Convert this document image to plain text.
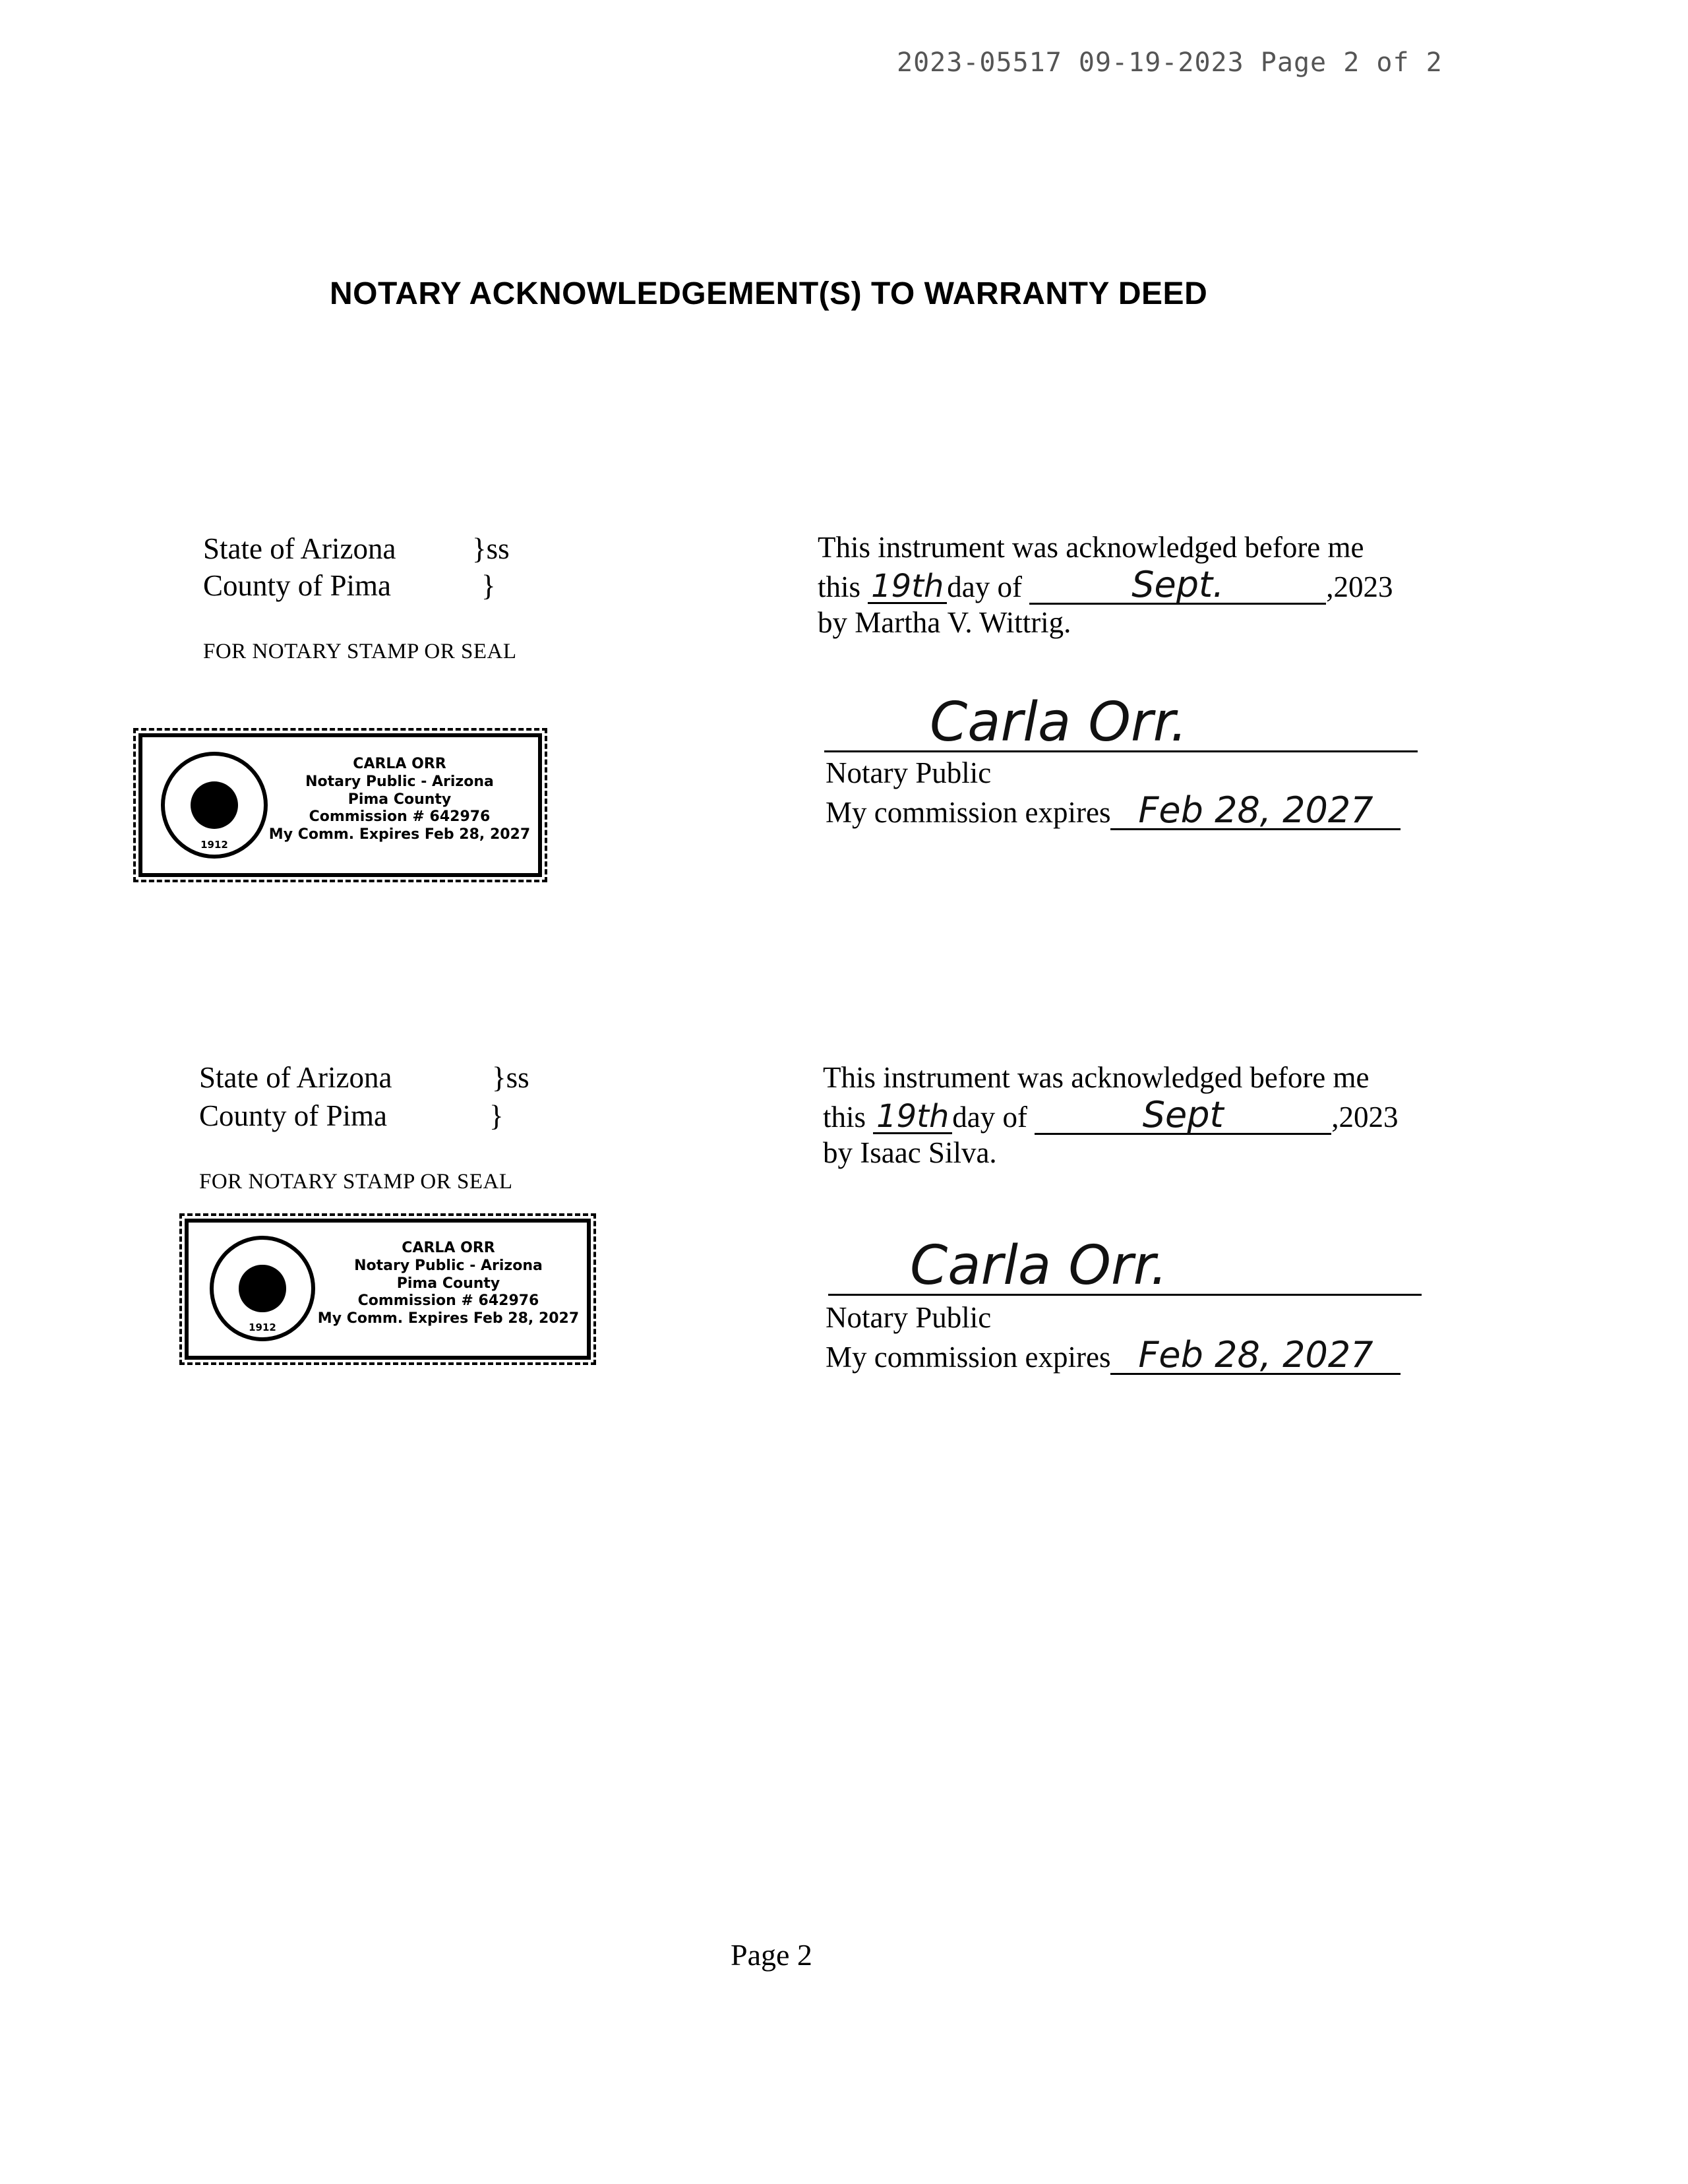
2023-05517 09-19-2023 Page 2 of 2
NOTARY ACKNOWLEDGEMENT(S) TO WARRANTY DEED
State of Arizona	}ss
County of Pima	}
FOR NOTARY STAMP OR SEAL
1912
CARLA ORR
Notary Public - Arizona
Pima County
Commission # 642976
My Comm. Expires Feb 28, 2027
This instrument was acknowledged before me
this 19th day of	Sept.	,2023
by Martha V. Wittrig.
Carla Orr.
Notary Public
My commission expires Feb 28, 2027
State of Arizona	}ss
County of Pima	}
FOR NOTARY STAMP OR SEAL
1912
CARLA ORR
Notary Public - Arizona
Pima County
Commission # 642976
My Comm. Expires Feb 28, 2027
This instrument was acknowledged before me
this 19th day of	Sept	,2023
by Isaac Silva.
Carla Orr.
Notary Public
My commission expires Feb 28, 2027
Page 2
